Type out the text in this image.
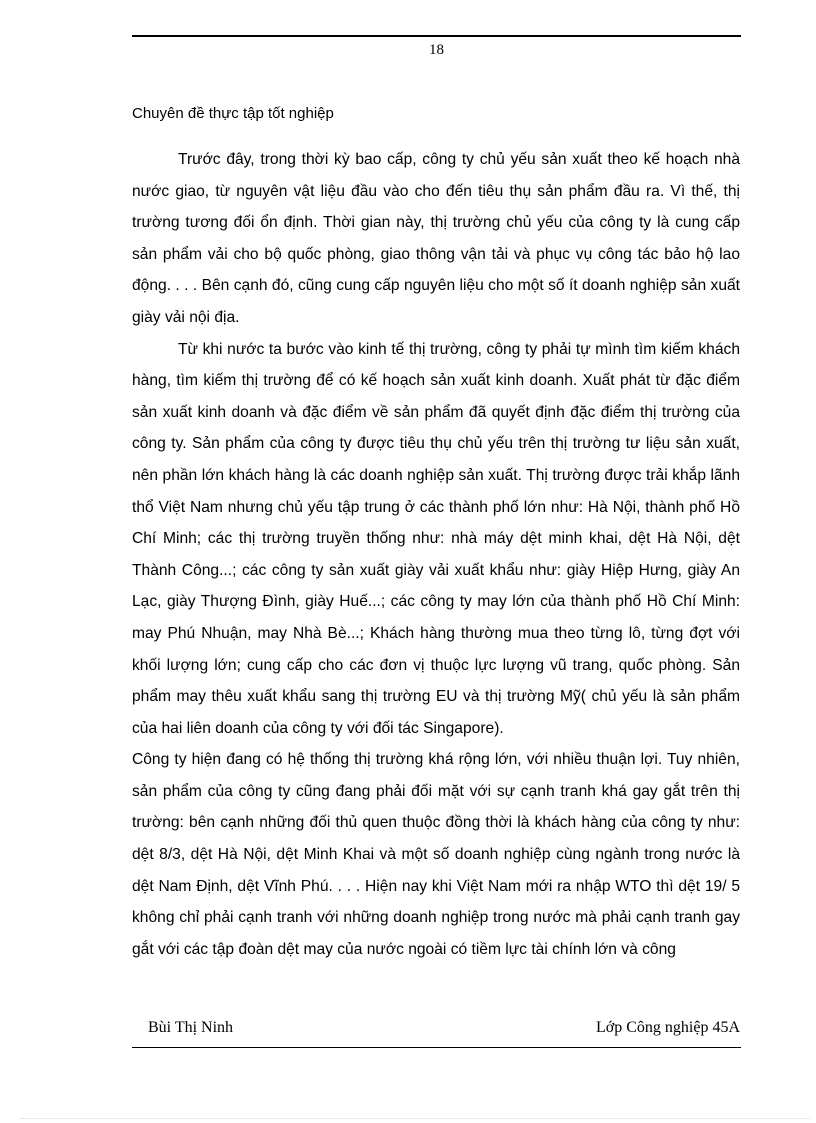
18
Chuyên đề thực tập tốt nghiệp

Trước đây, trong thời kỳ bao cấp, công ty chủ yếu sản xuất theo kế hoạch nhà nước giao, từ nguyên vật liệu đầu vào cho đến tiêu thụ sản phẩm đầu ra. Vì thế, thị trường tương đối ổn định. Thời gian này, thị trường chủ yếu của công ty là cung cấp sản phẩm vải cho bộ quốc phòng, giao thông vận tải và phục vụ công tác bảo hộ lao động. . . . Bên cạnh đó, cũng cung cấp nguyên liệu cho một số ít doanh nghiệp sản xuất giày vải nội địa.

Từ khi nước ta bước vào kinh tế thị trường, công ty phải tự mình tìm kiếm khách hàng, tìm kiếm thị trường để có kế hoạch sản xuất kinh doanh. Xuất phát từ đặc điểm sản xuất kinh doanh và đặc điểm về sản phẩm đã quyết định đặc điểm thị trường của công ty. Sản phẩm của công ty được tiêu thụ chủ yếu trên thị trường tư liệu sản xuất, nên phần lớn khách hàng là các doanh nghiệp sản xuất. Thị trường được trải khắp lãnh thổ Việt Nam nhưng chủ yếu tập trung ở các thành phố lớn như: Hà Nội, thành phố Hồ Chí Minh; các thị trường truyền thống như: nhà máy dệt minh khai, dệt Hà Nội, dệt Thành Công...; các công ty sản xuất giày vải xuất khẩu như: giày Hiệp Hưng, giày An Lạc, giày Thượng Đình, giày Huế...; các công ty may lớn của thành phố Hồ Chí Minh: may Phú Nhuận, may Nhà Bè...; Khách hàng thường mua theo từng lô, từng đợt với khối lượng lớn; cung cấp cho các đơn vị thuộc lực lượng vũ trang, quốc phòng. Sản phẩm may thêu xuất khẩu sang thị trường EU và thị trường Mỹ( chủ yếu là sản phẩm của hai liên doanh của công ty với đối tác Singapore).

Công ty hiện đang có hệ thống thị trường khá rộng lớn, với nhiều thuận lợi. Tuy nhiên, sản phẩm của công ty cũng đang phải đối mặt với sự cạnh tranh khá gay gắt trên thị trường: bên cạnh những đối thủ quen thuộc đồng thời là khách hàng của công ty như: dệt 8/3, dệt Hà Nội, dệt Minh Khai và một số doanh nghiệp cùng ngành trong nước là dệt Nam Định, dệt Vĩnh Phú. . . . Hiện nay khi Việt Nam mới ra nhập WTO thì dệt 19/ 5 không chỉ phải cạnh tranh với những doanh nghiệp trong nước mà phải cạnh tranh gay gắt với các tập đoàn dệt may của nước ngoài có tiềm lực tài chính lớn và công

Bùi Thị Ninh	Lớp Công nghiệp 45A
